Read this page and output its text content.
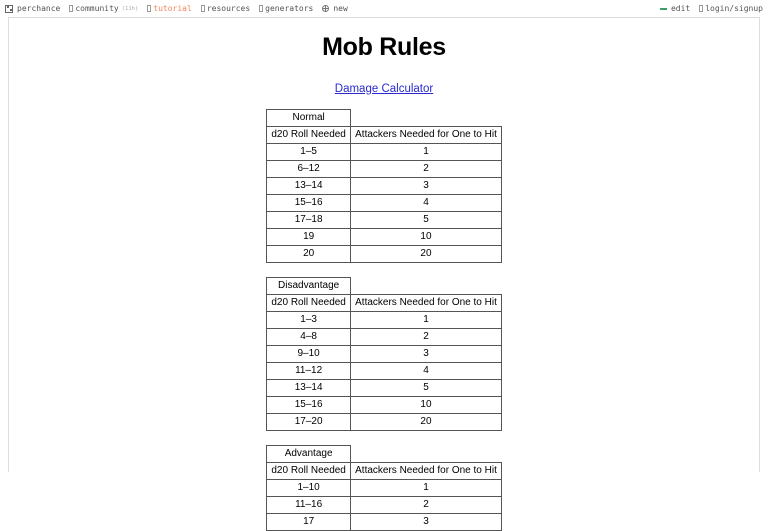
perchance community (11h) tutorial resources generators	new	edit login/signup
Mob Rules
Damage Calculator
Normal	
d20 Roll Needed	Attackers Needed for One to Hit
1–5	1
6–12	2
13–14	3
15–16	4
17–18	5
19	10
20	20
Disadvantage	
d20 Roll Needed	Attackers Needed for One to Hit
1–3	1
4–8	2
9–10	3
11–12	4
13–14	5
15–16	10
17–20	20
Advantage	
d20 Roll Needed	Attackers Needed for One to Hit
1–10	1
11–16	2
17	3
